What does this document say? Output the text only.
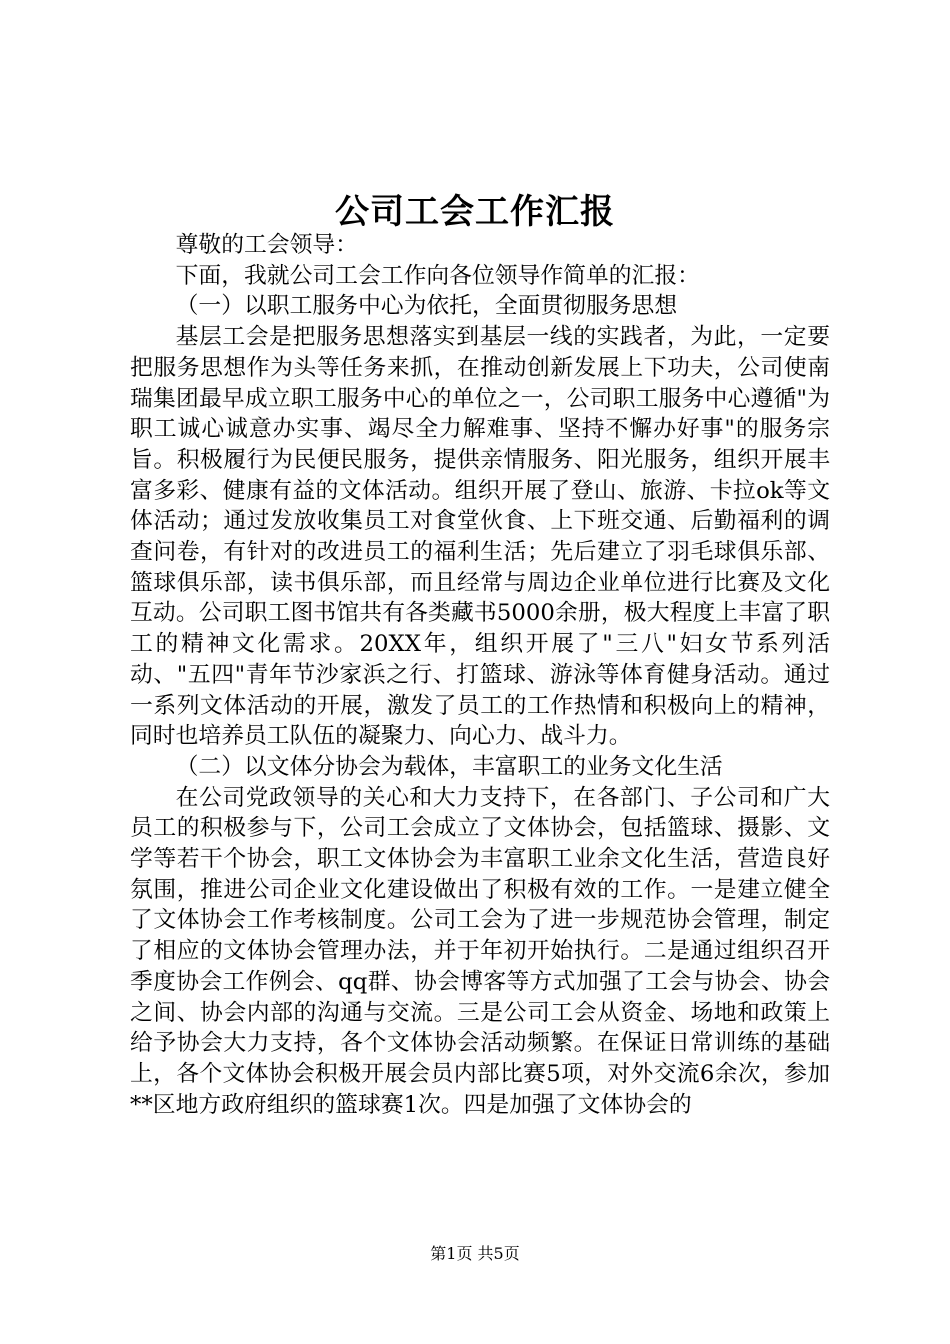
公司工会工作汇报

尊敬的工会领导：

下面，我就公司工会工作向各位领导作简单的汇报：

（一）以职工服务中心为依托，全面贯彻服务思想

基层工会是把服务思想落实到基层一线的实践者，为此，一定要把服务思想作为头等任务来抓，在推动创新发展上下功夫，公司使南瑞集团最早成立职工服务中心的单位之一，公司职工服务中心遵循"为职工诚心诚意办实事、竭尽全力解难事、坚持不懈办好事"的服务宗旨。积极履行为民便民服务，提供亲情服务、阳光服务，组织开展丰富多彩、健康有益的文体活动。组织开展了登山、旅游、卡拉ok等文体活动；通过发放收集员工对食堂伙食、上下班交通、后勤福利的调查问卷，有针对的改进员工的福利生活；先后建立了羽毛球俱乐部、篮球俱乐部，读书俱乐部，而且经常与周边企业单位进行比赛及文化互动。公司职工图书馆共有各类藏书5000余册，极大程度上丰富了职工的精神文化需求。20XX年，组织开展了"三八"妇女节系列活动、"五四"青年节沙家浜之行、打篮球、游泳等体育健身活动。通过一系列文体活动的开展，激发了员工的工作热情和积极向上的精神，同时也培养员工队伍的凝聚力、向心力、战斗力。

（二）以文体分协会为载体，丰富职工的业务文化生活

在公司党政领导的关心和大力支持下，在各部门、子公司和广大员工的积极参与下，公司工会成立了文体协会，包括篮球、摄影、文学等若干个协会，职工文体协会为丰富职工业余文化生活，营造良好氛围，推进公司企业文化建设做出了积极有效的工作。一是建立健全了文体协会工作考核制度。公司工会为了进一步规范协会管理，制定了相应的文体协会管理办法，并于年初开始执行。二是通过组织召开季度协会工作例会、qq群、协会博客等方式加强了工会与协会、协会之间、协会内部的沟通与交流。三是公司工会从资金、场地和政策上给予协会大力支持，各个文体协会活动频繁。在保证日常训练的基础上，各个文体协会积极开展会员内部比赛5项，对外交流6余次，参加**区地方政府组织的篮球赛1次。四是加强了文体协会的

第1页 共5页
